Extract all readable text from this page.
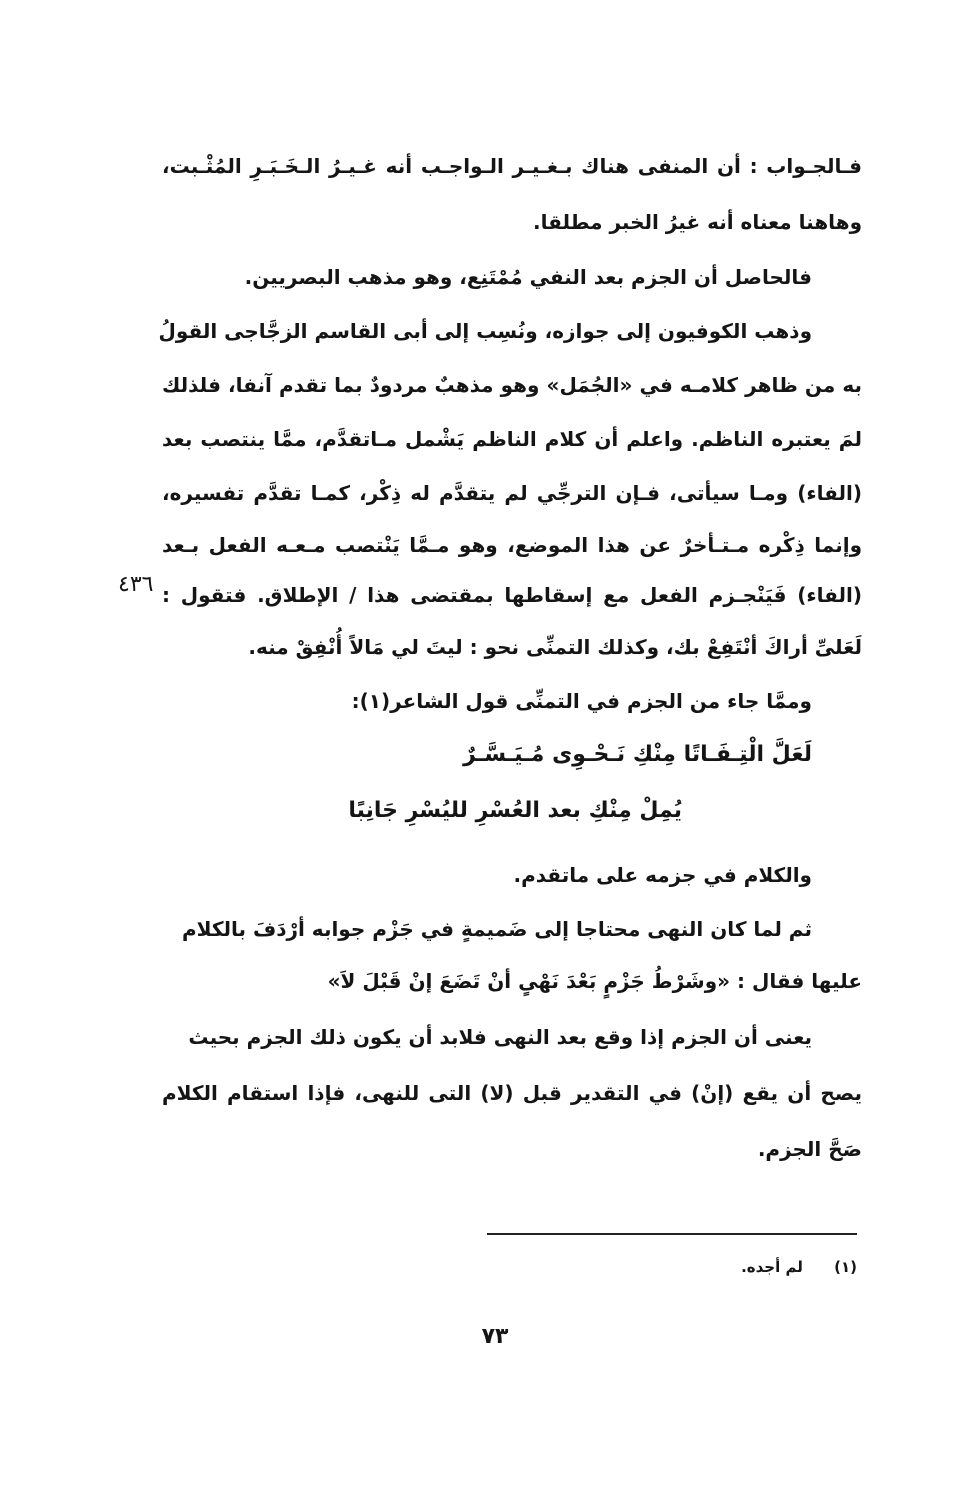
فـالجـواب : أن المنفى هناك بـغـيـر الـواجـب أنه غـيـرُ الـخَـبَـرِ المُثْـبت،
وهاهنا معناه أنه غيرُ الخبر مطلقا.
فالحاصل أن الجزم بعد النفي مُمْتَنِع، وهو مذهب البصريين.
وذهب الكوفيون إلى جوازه، ونُسِب إلى أبى القاسم الزجَّاجى القولُ
به من ظاهر كلامـه في «الجُمَل» وهو مذهبٌ مردودٌ بما تقدم آنفا، فلذلك
لمَ يعتبره الناظم. واعلم أن كلام الناظم يَشْمل مـاتقدَّم، ممَّا ينتصب بعد
(الفاء) ومـا سيأتى، فـإن الترجِّي لم يتقدَّم له ذِكْر، كمـا تقدَّم تفسيره،
وإنما ذِكْره مـتـأخرٌ عن هذا الموضع، وهو مـمَّا يَنْتصب مـعـه الفعل بـعد
(الفاء) فَيَنْجـزم الفعل مع إسقاطها بمقتضى هذا / الإطلاق. فتقول :
لَعَلىِّ أراكَ أنْتَفِعْ بك، وكذلك التمنِّى نحو : ليتَ لي مَالاً أُنْفِقْ منه.
٤٣٦
وممَّا جاء من الجزم في التمنِّى قول الشاعر(١):
لَعَلَّ الْتِـفَـاتًا مِنْكِ نَـحْـوِى مُـيَـسَّـرٌ
يُمِلْ مِنْكِ بعد العُسْرِ لليُسْرِ جَانِبًا
والكلام في جزمه على ماتقدم.
ثم لما كان النهى محتاجا إلى ضَميمةٍ في جَزْم جوابه أرْدَفَ بالكلام
عليها فقال : «وشَرْطُ جَزْمٍ بَعْدَ نَهْىٍ أنْ تَضَعَ إنْ قَبْلَ لاَ»
يعنى أن الجزم إذا وقع بعد النهى فلابد أن يكون ذلك الجزم بحيث
يصح أن يقع (إنْ) في التقدير قبل (لا) التى للنهى، فإذا استقام الكلام
صَحَّ الجزم.
(١) لم أجده.
٧٣
